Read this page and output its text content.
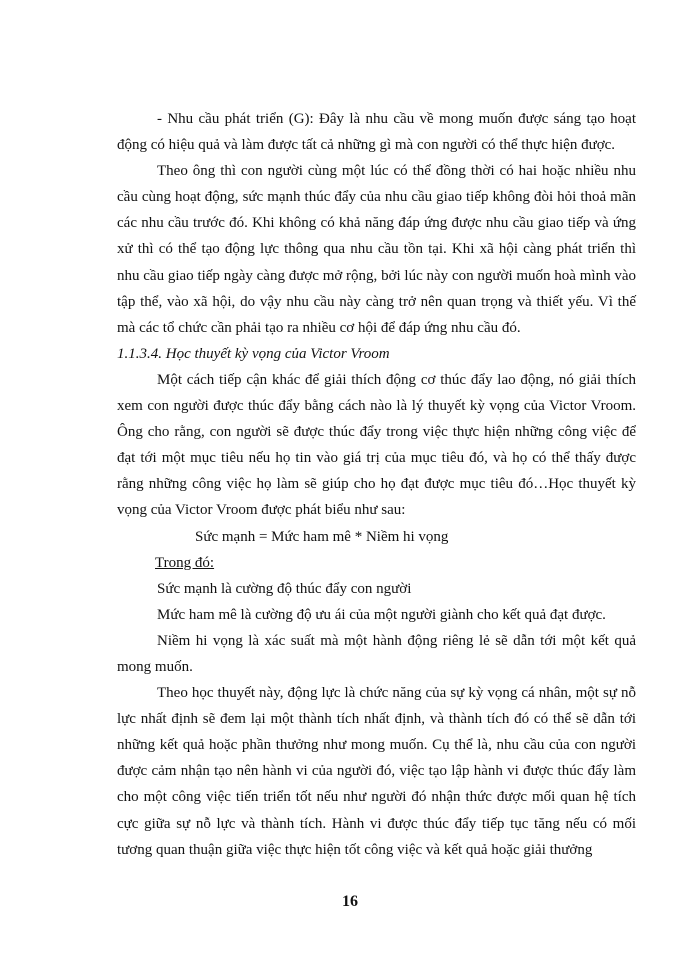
- Nhu cầu phát triển (G): Đây là nhu cầu về mong muốn được sáng tạo hoạt động có hiệu quả và làm được tất cả những gì mà con người có thể thực hiện được.

Theo ông thì con người cùng một lúc có thể đồng thời có hai hoặc nhiều nhu cầu cùng hoạt động, sức mạnh thúc đẩy của nhu cầu giao tiếp không đòi hỏi thoả mãn các nhu cầu trước đó. Khi không có khả năng đáp ứng được nhu cầu giao tiếp và ứng xử thì có thể tạo động lực thông qua nhu cầu tồn tại. Khi xã hội càng phát triển thì nhu cầu giao tiếp ngày càng được mở rộng, bởi lúc này con người muốn hoà mình vào tập thể, vào xã hội, do vậy nhu cầu này càng trở nên quan trọng và thiết yếu. Vì thế mà các tổ chức cần phải tạo ra nhiều cơ hội để đáp ứng nhu cầu đó.

1.1.3.4. Học thuyết kỳ vọng của Victor Vroom

Một cách tiếp cận khác để giải thích động cơ thúc đẩy lao động, nó giải thích xem con người được thúc đẩy bằng cách nào là lý thuyết kỳ vọng của Victor Vroom. Ông cho rằng, con người sẽ được thúc đẩy trong việc thực hiện những công việc để đạt tới một mục tiêu nếu họ tin vào giá trị của mục tiêu đó, và họ có thể thấy được rằng những công việc họ làm sẽ giúp cho họ đạt được mục tiêu đó…Học thuyết kỳ vọng của Victor Vroom được phát biểu như sau:

Sức mạnh = Mức ham mê * Niềm hi vọng

Trong đó:

Sức mạnh là cường độ thúc đẩy con người

Mức ham mê là cường độ ưu ái của một người giành cho kết quả đạt được.

Niềm hi vọng là xác suất mà một hành động riêng lẻ sẽ dẫn tới một kết quả mong muốn.

Theo học thuyết này, động lực là chức năng của sự kỳ vọng cá nhân, một sự nỗ lực nhất định sẽ đem lại một thành tích nhất định, và thành tích đó có thể sẽ dẫn tới những kết quả hoặc phần thưởng như mong muốn. Cụ thể là, nhu cầu của con người được cảm nhận tạo nên hành vi của người đó, việc tạo lập hành vi được thúc đẩy làm cho một công việc tiến triển tốt nếu như người đó nhận thức được mối quan hệ tích cực giữa sự nỗ lực và thành tích. Hành vi được thúc đẩy tiếp tục tăng nếu có mối tương quan thuận giữa việc thực hiện tốt công việc và kết quả hoặc giải thưởng

16
